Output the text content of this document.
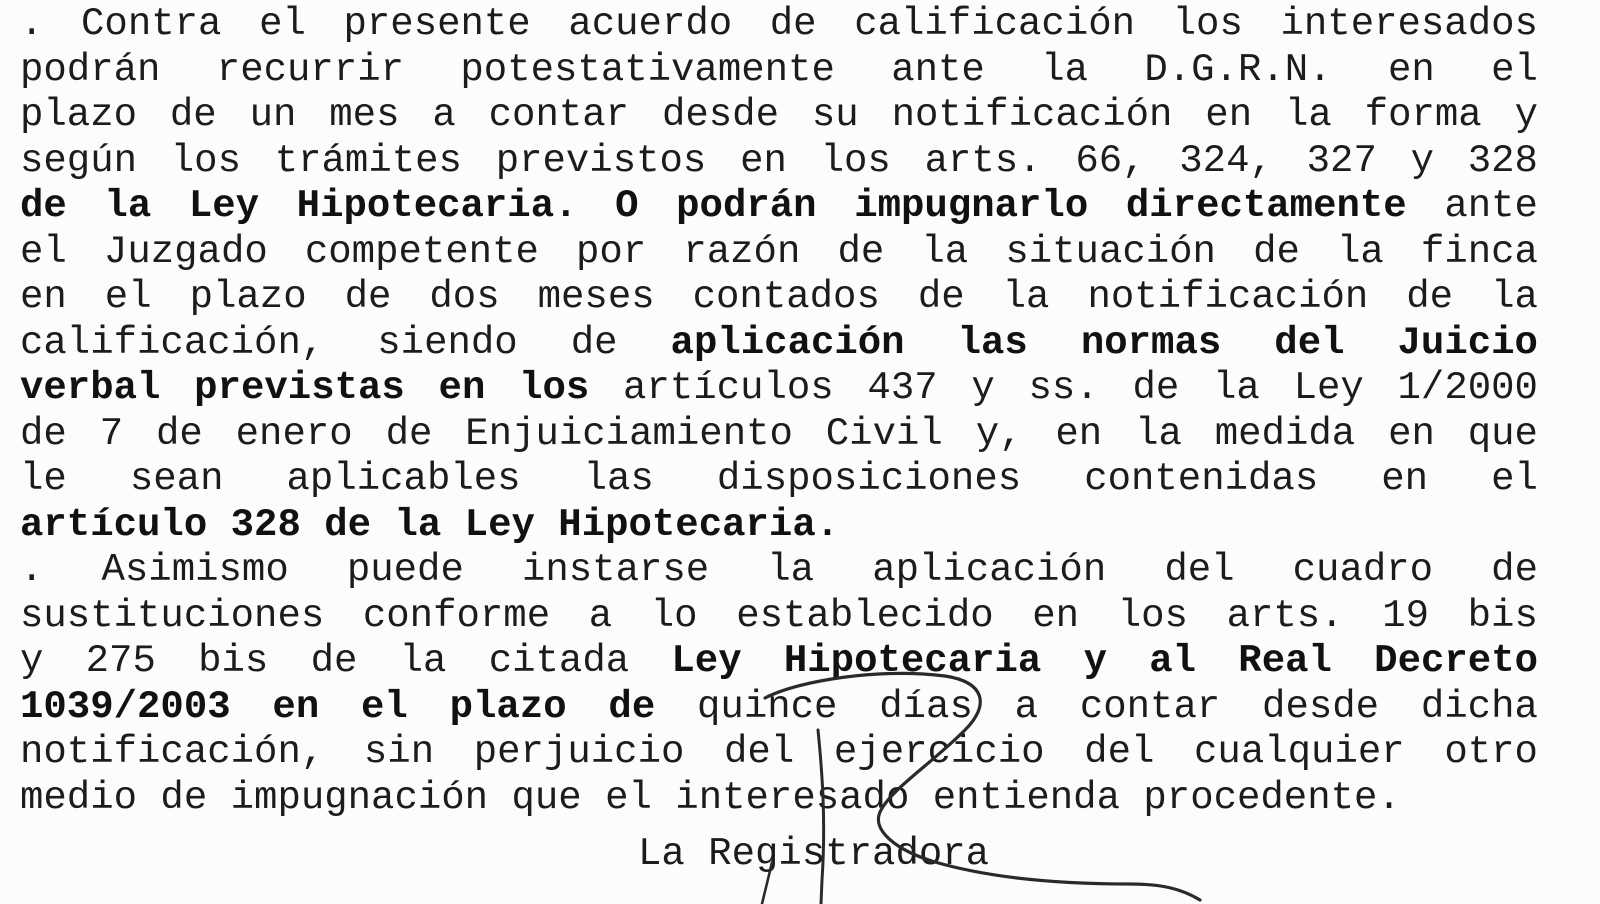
. Contra el presente acuerdo de calificación los interesados
podrán recurrir potestativamente ante la D.G.R.N. en el
plazo de un mes a contar desde su notificación en la forma y
según los trámites previstos en los arts. 66, 324, 327 y 328
de la Ley Hipotecaria. O podrán impugnarlo directamente ante
el Juzgado competente por razón de la situación de la finca
en el plazo de dos meses contados de la notificación de la
calificación, siendo de aplicación las normas del Juicio
verbal previstas en los artículos 437 y ss. de la Ley 1/2000
de 7 de enero de Enjuiciamiento Civil y, en la medida en que
le sean aplicables las disposiciones contenidas en el
artículo 328 de la Ley Hipotecaria.
. Asimismo puede instarse la aplicación del cuadro de
sustituciones conforme a lo establecido en los arts. 19 bis
y 275 bis de la citada Ley Hipotecaria y al Real Decreto
1039/2003 en el plazo de quince días a contar desde dicha
notificación, sin perjuicio del ejercicio del cualquier otro
medio de impugnación que el interesado entienda procedente.
La Registradora
